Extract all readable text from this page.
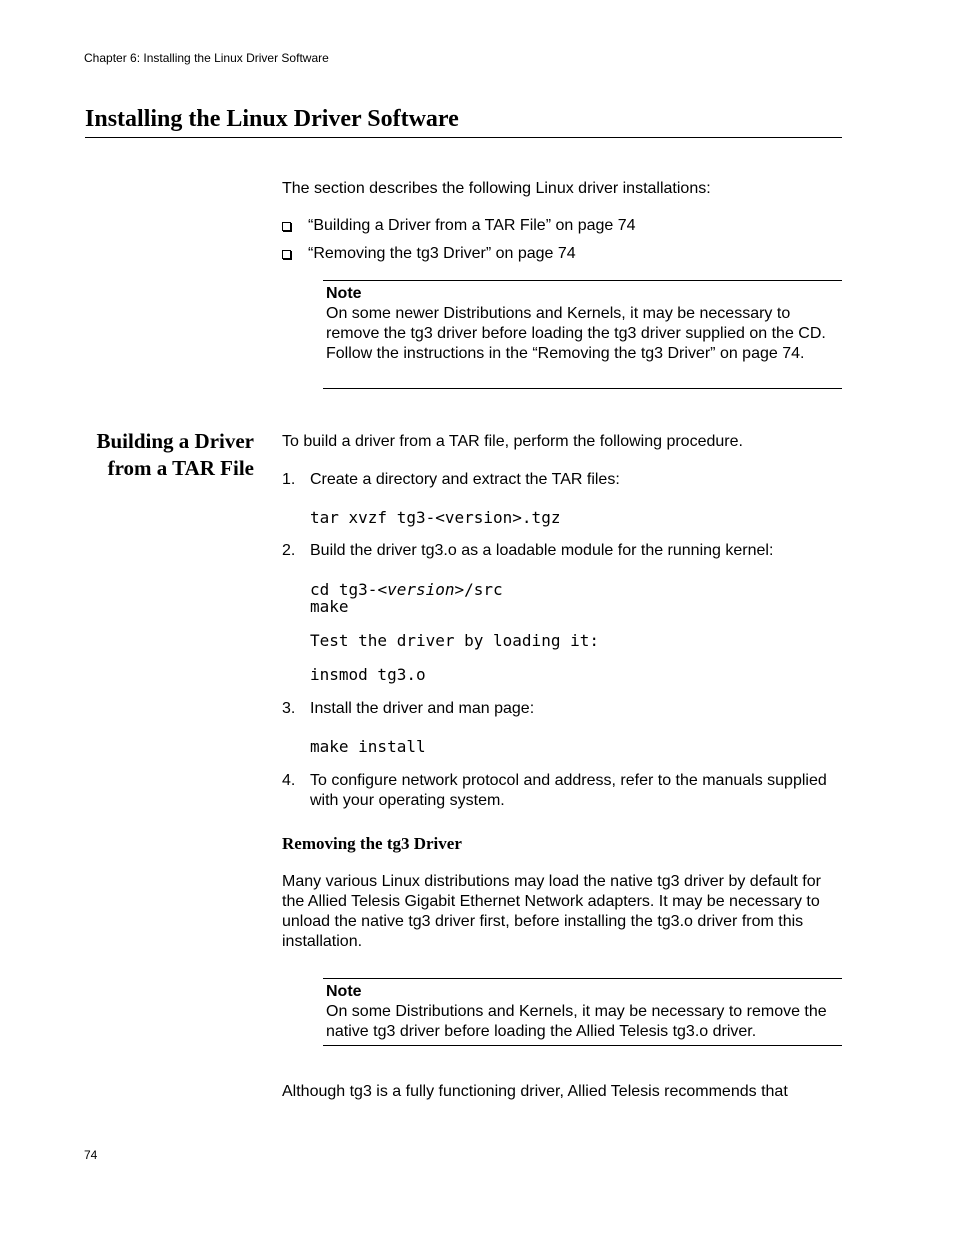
Chapter 6: Installing the Linux Driver Software
Installing the Linux Driver Software
The section describes the following Linux driver installations:
“Building a Driver from a TAR File” on page 74
“Removing the tg3 Driver” on page 74
Note
On some newer Distributions and Kernels, it may be necessary to remove the tg3 driver before loading the tg3 driver supplied on the CD. Follow the instructions in the “Removing the tg3 Driver” on page 74.
Building a Driver
from a TAR File
To build a driver from a TAR file, perform the following procedure.
1. Create a directory and extract the TAR files:
tar xvzf tg3-<version>.tgz
2. Build the driver tg3.o as a loadable module for the running kernel:
cd tg3-<version>/src
make
Test the driver by loading it:
insmod tg3.o
3. Install the driver and man page:
make install
4. To configure network protocol and address, refer to the manuals supplied with your operating system.
Removing the tg3 Driver
Many various Linux distributions may load the native tg3 driver by default for the Allied Telesis Gigabit Ethernet Network adapters. It may be necessary to unload the native tg3 driver first, before installing the tg3.o driver from this installation.
Note
On some Distributions and Kernels, it may be necessary to remove the native tg3 driver before loading the Allied Telesis tg3.o driver.
Although tg3 is a fully functioning driver, Allied Telesis recommends that
74
